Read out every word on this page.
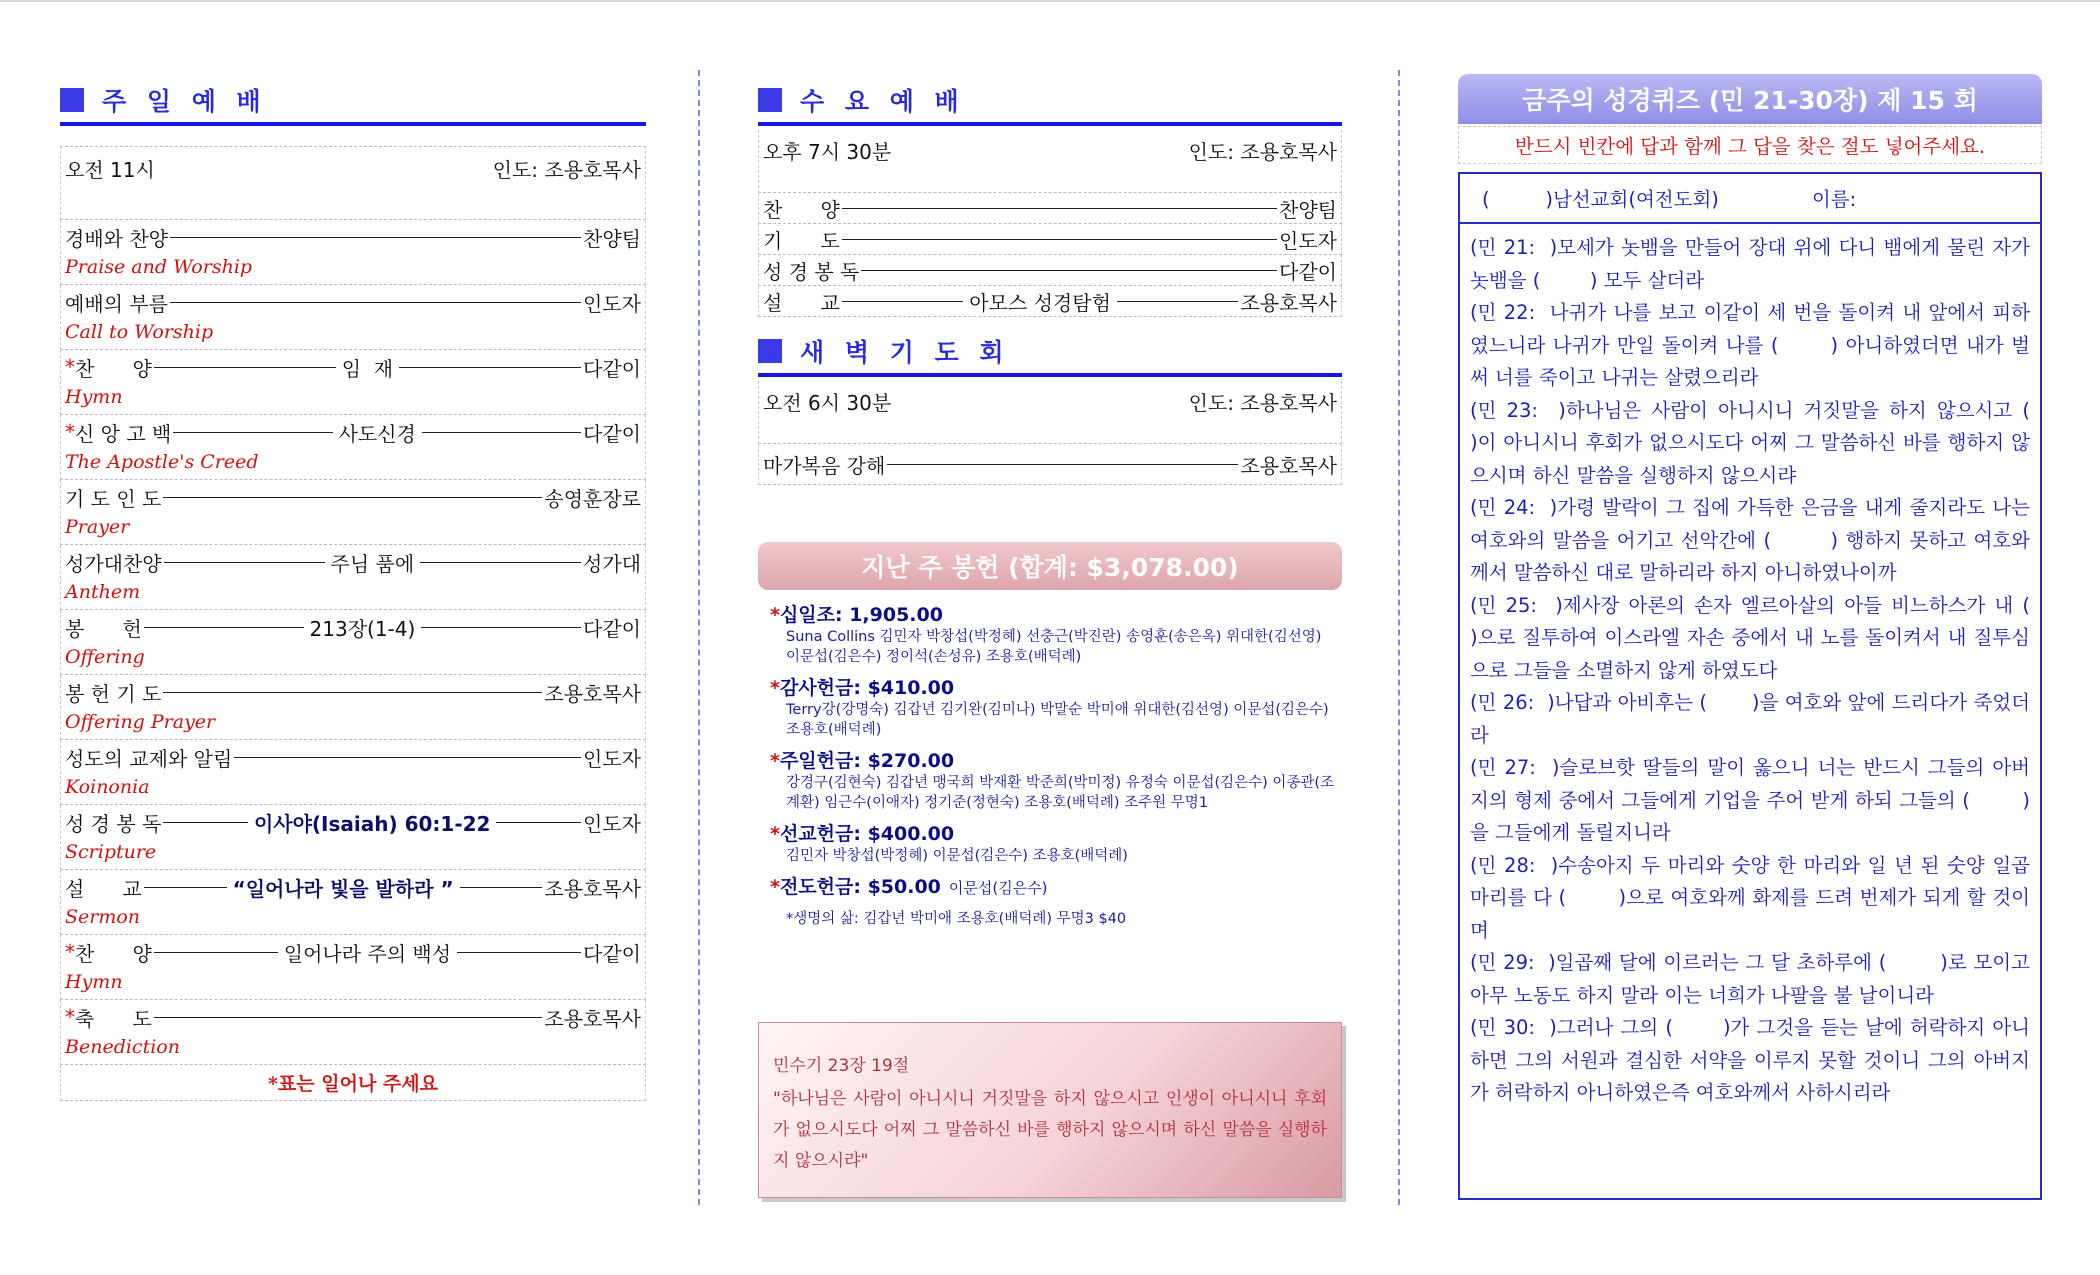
주 일 예 배
오전 11시	인도: 조용호목사
경배와 찬양	찬양팀
Praise and Worship
예배의 부름	인도자
Call to Worship
* 찬      양	임  재	다같이
Hymn
* 신 앙 고 백	사도신경	다같이
The Apostle's Creed
기 도 인 도	송영훈장로
Prayer
성가대찬양	주님 품에	성가대
Anthem
봉      헌	213장(1-4)	다같이
Offering
봉 헌 기 도	조용호목사
Offering Prayer
성도의 교제와 알림	인도자
Koinonia
성 경 봉 독	이사야(Isaiah) 60:1-22	인도자
Scripture
설      교	“일어나라 빛을 발하라 ”	조용호목사
Sermon
* 찬      양	일어나라 주의 백성	다같이
Hymn
* 축      도	조용호목사
Benediction
*표는 일어나 주세요
수 요 예 배
오후 7시 30분	인도: 조용호목사
찬      양	찬양팀
기      도	인도자
성 경 봉 독	다같이
설      교	아모스 성경탐험	조용호목사
새 벽 기 도 회
오전 6시 30분	인도: 조용호목사
마가복음 강해	조용호목사
지난 주 봉헌 (합계: $3,078.00)
*십일조: 1,905.00
Suna Collins 김민자 박창섭(박정혜) 선충근(박진란) 송영훈(송은옥) 위대한(김선영) 이문섭(김은수) 정이석(손성유) 조용호(배덕례)
*감사헌금: $410.00
Terry강(강명숙) 김갑년 김기완(김미나) 박말순 박미애 위대한(김선영) 이문섭(김은수) 조용호(배덕례)
*주일헌금: $270.00
강경구(김현숙) 김갑년 맹국희 박재환 박준희(박미정) 유정숙 이문섭(김은수) 이종관(조계환) 임근수(이애자) 정기준(정현숙) 조용호(배덕례) 조주원 무명1
*선교헌금: $400.00
김민자 박창섭(박정혜) 이문섭(김은수) 조용호(배덕례)
*전도헌금: $50.00 이문섭(김은수)
*생명의 삶: 김갑년 박미애 조용호(배덕례) 무명3 $40
민수기 23장 19절
"하나님은 사람이 아니시니 거짓말을 하지 않으시고 인생이 아니시니 후회가 없으시도다 어찌 그 말씀하신 바를 행하지 않으시며 하신 말씀을 실행하지 않으시랴"
금주의 성경퀴즈 (민 21-30장) 제 15 회
반드시 빈칸에 답과 함께 그 답을 찾은 절도 넣어주세요.
(         )남선교회(여전도회)               이름:
(민 21:  )모세가 놋뱀을 만들어 장대 위에 다니 뱀에게 물린 자가 놋뱀을 (        ) 모두 살더라
(민 22:  나귀가 나를 보고 이같이 세 번을 돌이켜 내 앞에서 피하였느니라 나귀가 만일 돌이켜 나를 (       ) 아니하였더면 내가 벌써 너를 죽이고 나귀는 살렸으리라
(민 23:  )하나님은 사람이 아니시니 거짓말을 하지 않으시고 (        )이 아니시니 후회가 없으시도다 어찌 그 말씀하신 바를 행하지 않으시며 하신 말씀을 실행하지 않으시랴
(민 24:  )가령 발락이 그 집에 가득한 은금을 내게 줄지라도 나는 여호와의 말씀을 어기고 선악간에 (        ) 행하지 못하고 여호와께서 말씀하신 대로 말하리라 하지 아니하였나이까
(민 25:  )제사장 아론의 손자 엘르아살의 아들 비느하스가 내 (        )으로 질투하여 이스라엘 자손 중에서 내 노를 돌이켜서 내 질투심으로 그들을 소멸하지 않게 하였도다
(민 26:  )나답과 아비후는 (       )을 여호와 앞에 드리다가 죽었더라
(민 27:  )슬로브핫 딸들의 말이 옳으니 너는 반드시 그들의 아버지의 형제 중에서 그들에게 기업을 주어 받게 하되 그들의 (        )을 그들에게 돌릴지니라
(민 28:  )수송아지 두 마리와 숫양 한 마리와 일 년 된 숫양 일곱 마리를 다 (        )으로 여호와께 화제를 드려 번제가 되게 할 것이며
(민 29:  )일곱째 달에 이르러는 그 달 초하루에 (        )로 모이고 아무 노동도 하지 말라 이는 너희가 나팔을 불 날이니라
(민 30:  )그러나 그의 (       )가 그것을 듣는 날에 허락하지 아니하면 그의 서원과 결심한 서약을 이루지 못할 것이니 그의 아버지가 허락하지 아니하였은즉 여호와께서 사하시리라
